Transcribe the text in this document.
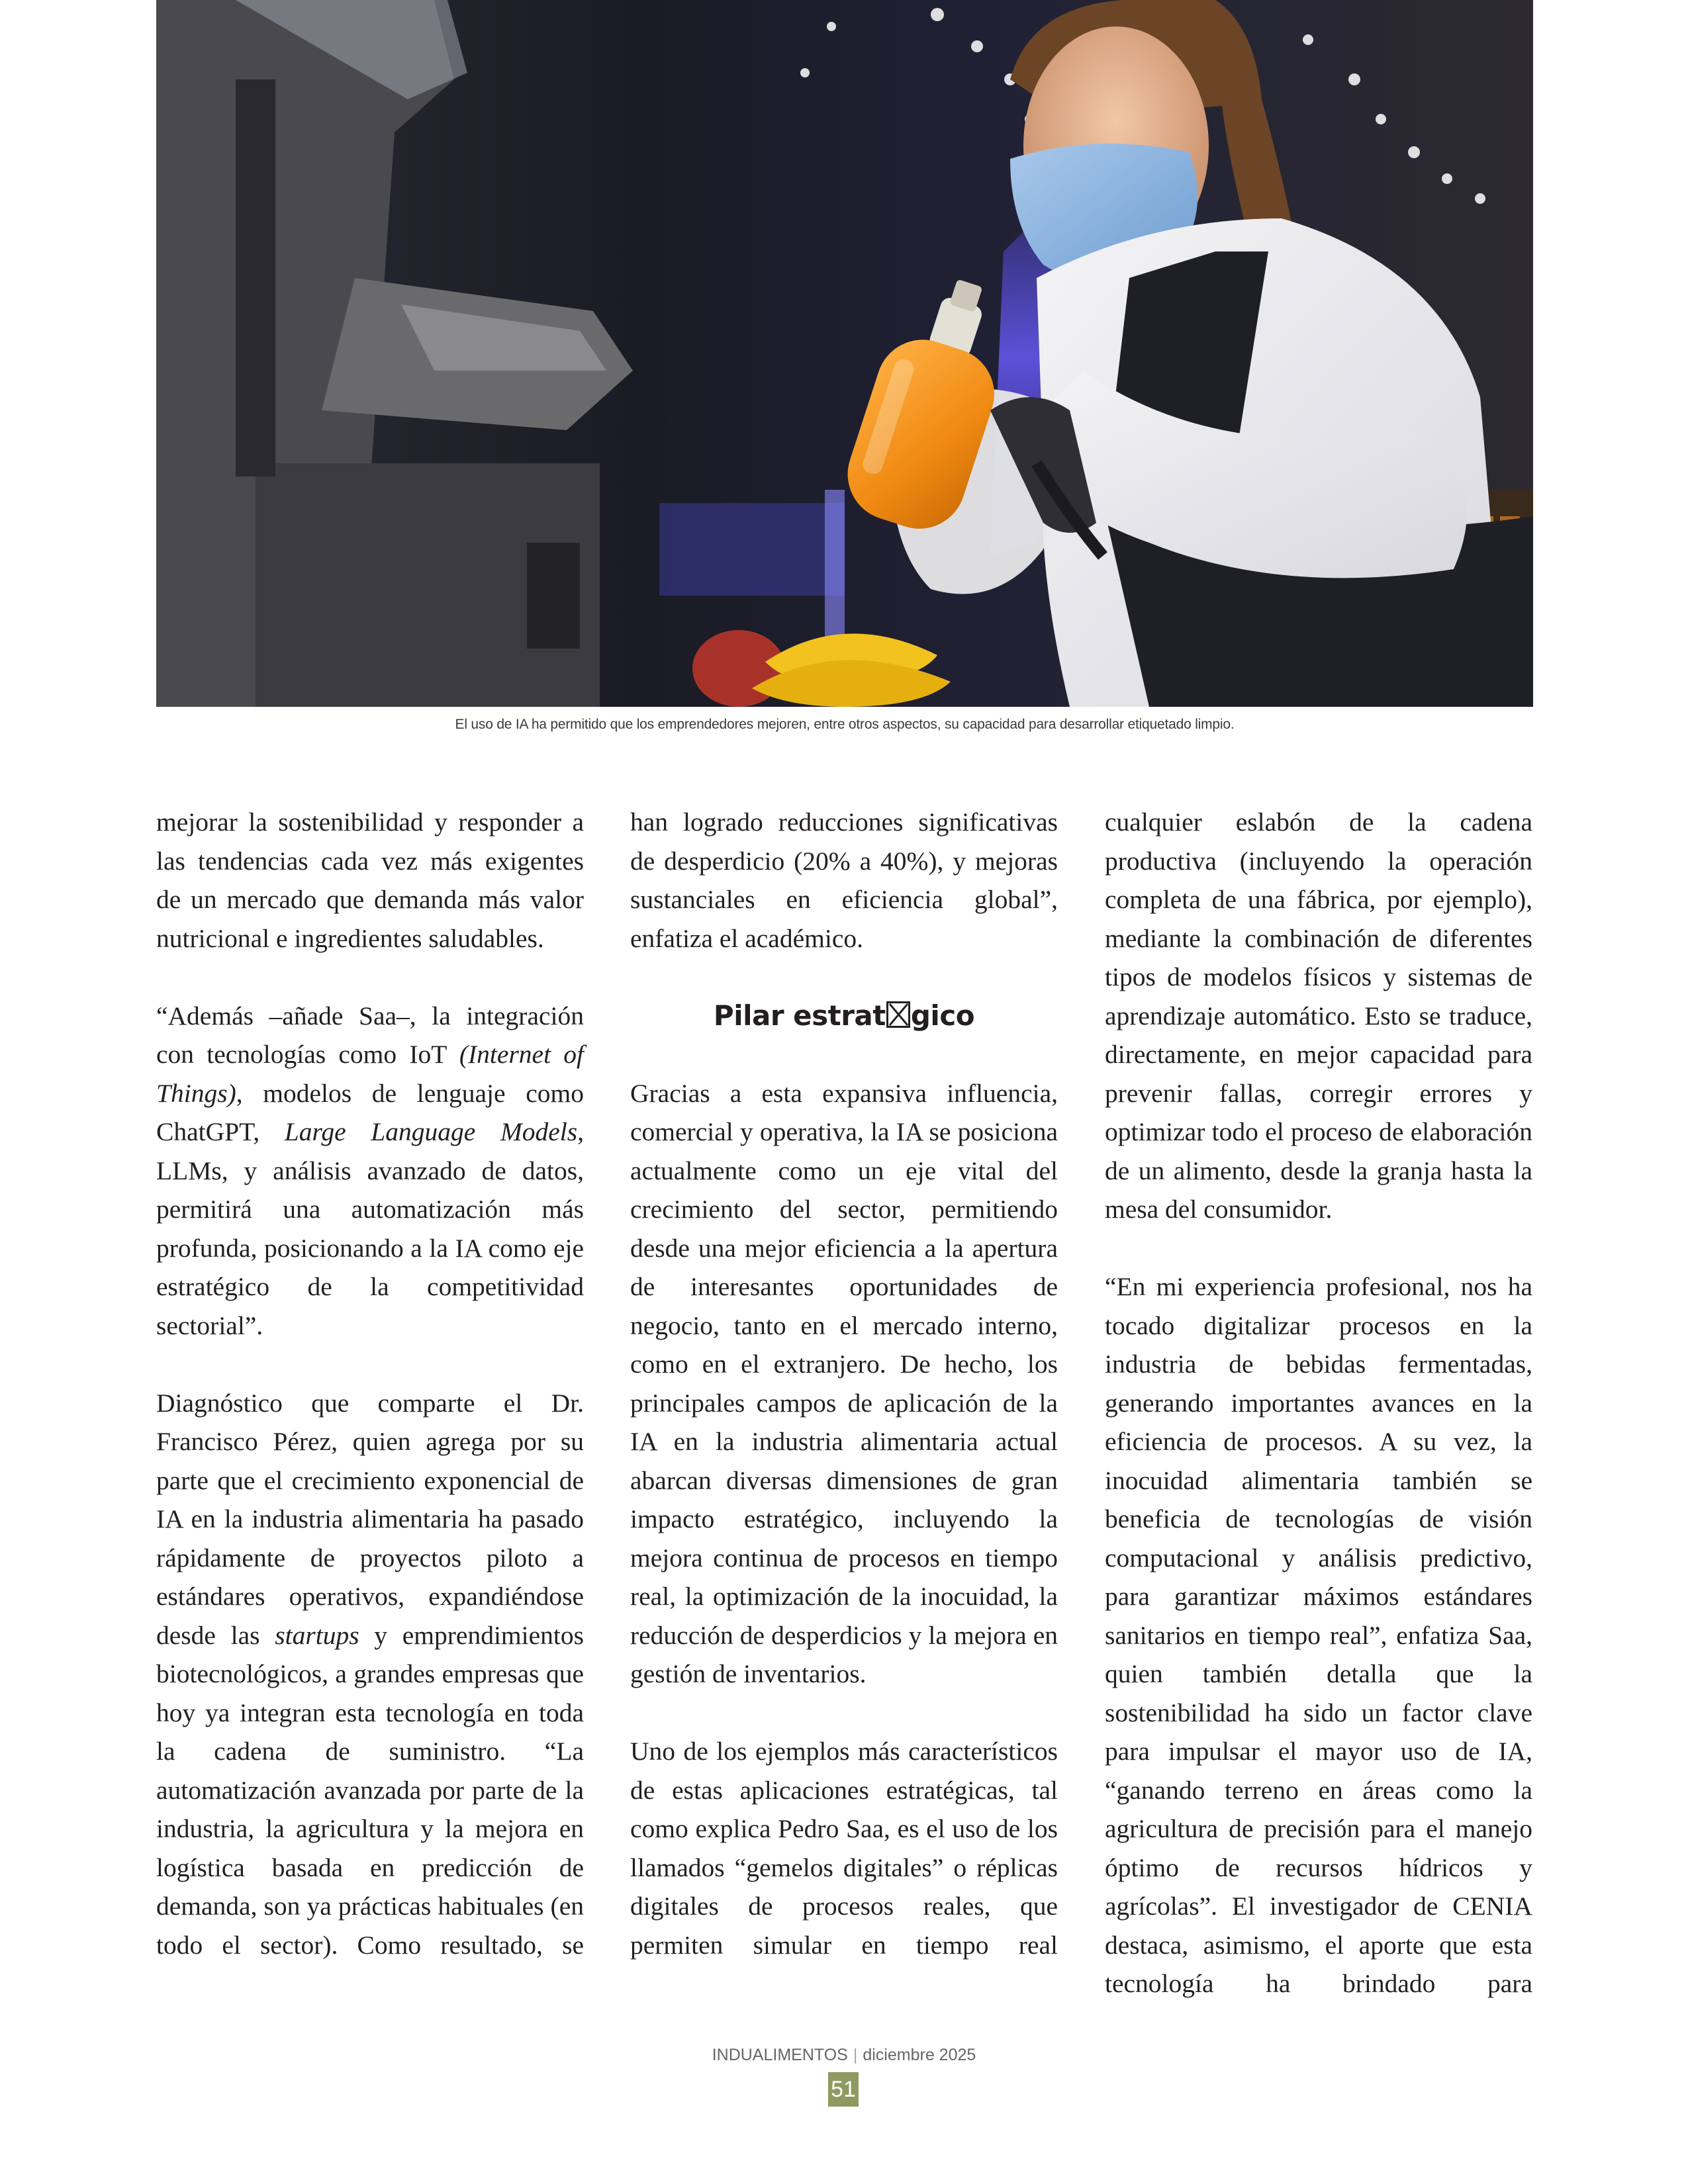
El uso de IA ha permitido que los emprendedores mejoren, entre otros aspectos, su capacidad para desarrollar etiquetado limpio.

mejorar la sostenibilidad y responder a las tendencias cada vez más exigentes de un mercado que demanda más valor nutricional e ingredientes saludables.

“Además –añade Saa–, la integración con tecnologías como IoT (Internet of Things), modelos de lenguaje como ChatGPT, Large Language Models, LLMs, y análisis avanzado de datos, permitirá una automatización más profunda, posicionando a la IA como eje estratégico de la competitividad sectorial”.

Diagnóstico que comparte el Dr. Francisco Pérez, quien agrega por su parte que el crecimiento exponencial de IA en la industria alimentaria ha pasado rápidamente de proyectos piloto a estándares operativos, expandiéndose desde las startups y emprendimientos biotecnológicos, a grandes empresas que hoy ya integran esta tecnología en toda la cadena de suministro. “La automatización avanzada por parte de la industria, la agricultura y la mejora en logística basada en predicción de demanda, son ya prácticas habituales (en todo el sector). Como resultado, se

han logrado reducciones significativas de desperdicio (20% a 40%), y mejoras sustanciales en eficiencia global”, enfatiza el académico.

Pilar estrat gico

Gracias a esta expansiva influencia, comercial y operativa, la IA se posiciona actualmente como un eje vital del crecimiento del sector, permitiendo desde una mejor eficiencia a la apertura de interesantes oportunidades de negocio, tanto en el mercado interno, como en el extranjero. De hecho, los principales campos de aplicación de la IA en la industria alimentaria actual abarcan diversas dimensiones de gran impacto estratégico, incluyendo la mejora continua de procesos en tiempo real, la optimización de la inocuidad, la reducción de desperdicios y la mejora en gestión de inventarios.

Uno de los ejemplos más característicos de estas aplicaciones estratégicas, tal como explica Pedro Saa, es el uso de los llamados “gemelos digitales” o réplicas digitales de procesos reales, que permiten simular en tiempo real

cualquier eslabón de la cadena productiva (incluyendo la operación completa de una fábrica, por ejemplo), mediante la combinación de diferentes tipos de modelos físicos y sistemas de aprendizaje automático. Esto se traduce, directamente, en mejor capacidad para prevenir fallas, corregir errores y optimizar todo el proceso de elaboración de un alimento, desde la granja hasta la mesa del consumidor.

“En mi experiencia profesional, nos ha tocado digitalizar procesos en la industria de bebidas fermentadas, generando importantes avances en la eficiencia de procesos. A su vez, la inocuidad alimentaria también se beneficia de tecnologías de visión computacional y análisis predictivo, para garantizar máximos estándares sanitarios en tiempo real”, enfatiza Saa, quien también detalla que la sostenibilidad ha sido un factor clave para impulsar el mayor uso de IA, “ganando terreno en áreas como la agricultura de precisión para el manejo óptimo de recursos hídricos y agrícolas”. El investigador de CENIA destaca, asimismo, el aporte que esta tecnología ha brindado para

INDUALIMENTOS | diciembre 2025
51
